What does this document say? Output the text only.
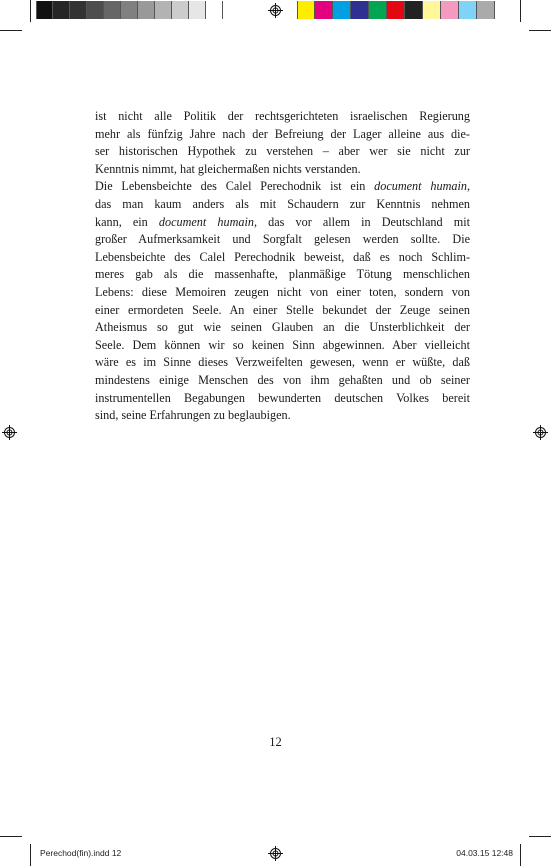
ist nicht alle Politik der rechtsgerichteten israelischen Regierung
mehr als fünfzig Jahre nach der Befreiung der Lager alleine aus die-
ser historischen Hypothek zu verstehen – aber wer sie nicht zur
Kenntnis nimmt, hat gleichermaßen nichts verstanden.
Die Lebensbeichte des Calel Perechodnik ist ein document humain,
das man kaum anders als mit Schaudern zur Kenntnis nehmen
kann, ein document humain, das vor allem in Deutschland mit
großer Aufmerksamkeit und Sorgfalt gelesen werden sollte. Die
Lebensbeichte des Calel Perechodnik beweist, daß es noch Schlim-
meres gab als die massenhafte, planmäßige Tötung menschlichen
Lebens: diese Memoiren zeugen nicht von einer toten, sondern von
einer ermordeten Seele. An einer Stelle bekundet der Zeuge seinen
Atheismus so gut wie seinen Glauben an die Unsterblichkeit der
Seele. Dem können wir so keinen Sinn abgewinnen. Aber vielleicht
wäre es im Sinne dieses Verzweifelten gewesen, wenn er wüßte, daß
mindestens einige Menschen des von ihm gehaßten und ob seiner
instrumentellen Begabungen bewunderten deutschen Volkes bereit
sind, seine Erfahrungen zu beglaubigen.
12
Perechod(fin).indd 12	04.03.15 12:48
